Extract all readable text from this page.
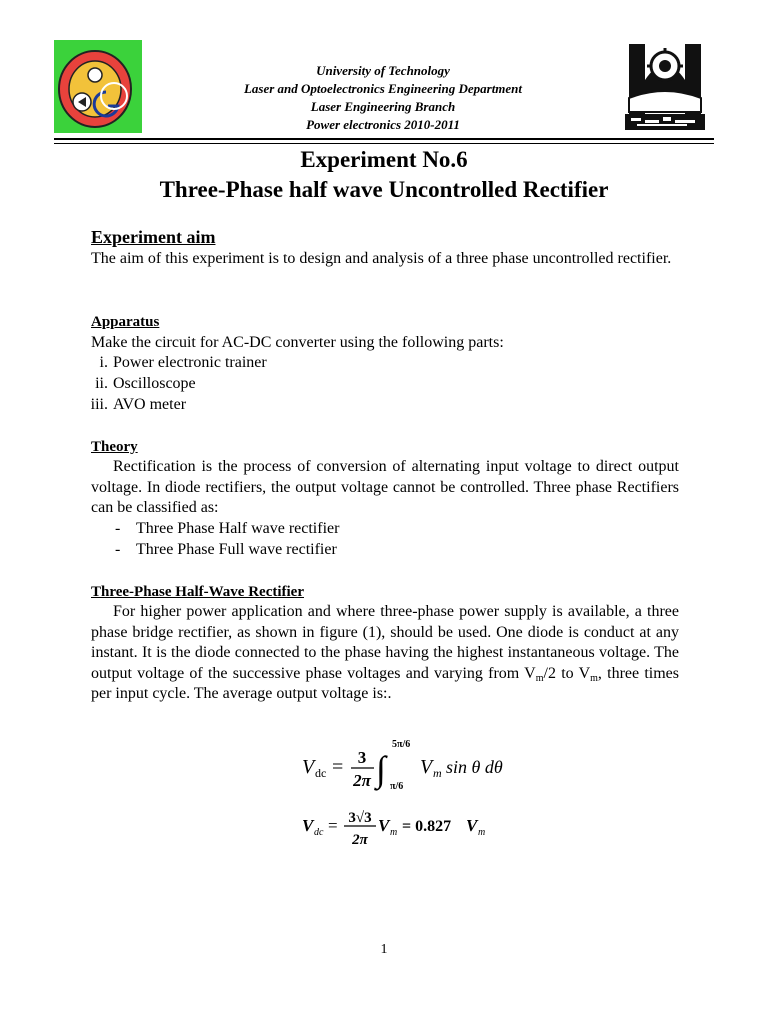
University of Technology
Laser and Optoelectronics Engineering Department
Laser Engineering Branch
Power electronics 2010-2011
Experiment No.6
Three-Phase half wave Uncontrolled Rectifier
Experiment aim
The aim of this experiment is to design and analysis of a three phase uncontrolled rectifier.
Apparatus
Make the circuit for AC-DC converter using the following parts:
i. Power electronic trainer
ii. Oscilloscope
iii. AVO meter
Theory
Rectification is the process of conversion of alternating input voltage to direct output voltage. In diode rectifiers, the output voltage cannot be controlled. Three phase Rectifiers can be classified as:
- Three Phase Half wave rectifier
- Three Phase Full wave rectifier
Three-Phase Half-Wave Rectifier
For higher power application and where three-phase power supply is available, a three phase bridge rectifier, as shown in figure (1), should be used. One diode is conduct at any instant. It is the diode connected to the phase having the highest instantaneous voltage. The output voltage of the successive phase voltages and varying from $V_m/2$ to $V_m$, three times per input cycle. The average output voltage is:.
V dc = 3
2π ∫
5π/6
π/6
V m sin θ dθ
V dc = 3√3
2π
V m = 0.827 V m
1
